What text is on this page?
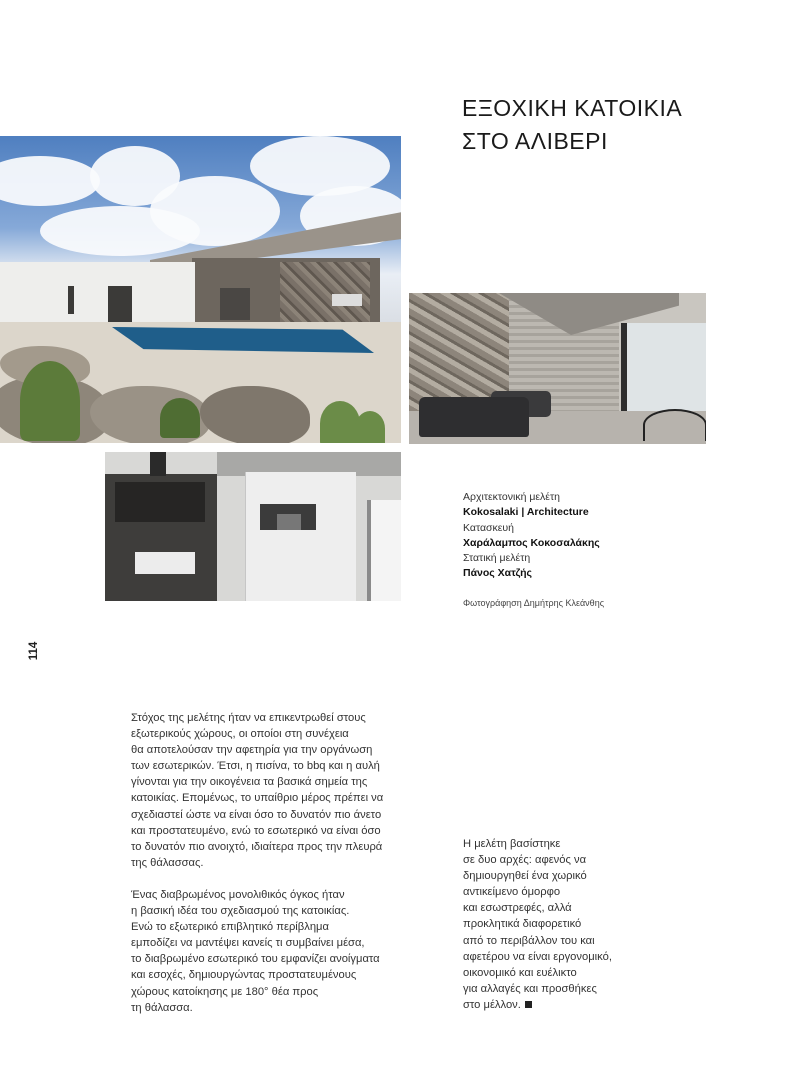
ΕΞΟΧΙΚΗ ΚΑΤΟΙΚΙΑ
ΣΤΟ ΑΛΙΒΕΡΙ
Αρχιτεκτονική μελέτη
Kokosalaki | Architecture
Κατασκευή
Χαράλαμπος Κοκοσαλάκης
Στατική μελέτη
Πάνος Χατζής
Φωτογράφηση Δημήτρης Κλεάνθης
114

Στόχος της μελέτης ήταν να επικεντρωθεί στους
εξωτερικούς χώρους, οι οποίοι στη συνέχεια
θα αποτελούσαν την αφετηρία για την οργάνωση
των εσωτερικών. Έτσι, η πισίνα, το bbq και η αυλή
γίνονται για την οικογένεια τα βασικά σημεία της
κατοικίας. Επομένως, το υπαίθριο μέρος πρέπει να
σχεδιαστεί ώστε να είναι όσο το δυνατόν πιο άνετο
και προστατευμένο, ενώ το εσωτερικό να είναι όσο
το δυνατόν πιο ανοιχτό, ιδιαίτερα προς την πλευρά
της θάλασσας.

Ένας διαβρωμένος μονολιθικός όγκος ήταν
η βασική ιδέα του σχεδιασμού της κατοικίας.
Ενώ το εξωτερικό επιβλητικό περίβλημα
εμποδίζει να μαντέψει κανείς τι συμβαίνει μέσα,
το διαβρωμένο εσωτερικό του εμφανίζει ανοίγματα
και εσοχές, δημιουργώντας προστατευμένους
χώρους κατοίκησης με 180° θέα προς
τη θάλασσα.

Η μελέτη βασίστηκε
σε δυο αρχές: αφενός να
δημιουργηθεί ένα χωρικό
αντικείμενο όμορφο
και εσωστρεφές, αλλά
προκλητικά διαφορετικό
από το περιβάλλον του και
αφετέρου να είναι εργονομικό,
οικονομικό και ευέλικτο
για αλλαγές και προσθήκες
στο μέλλον.
